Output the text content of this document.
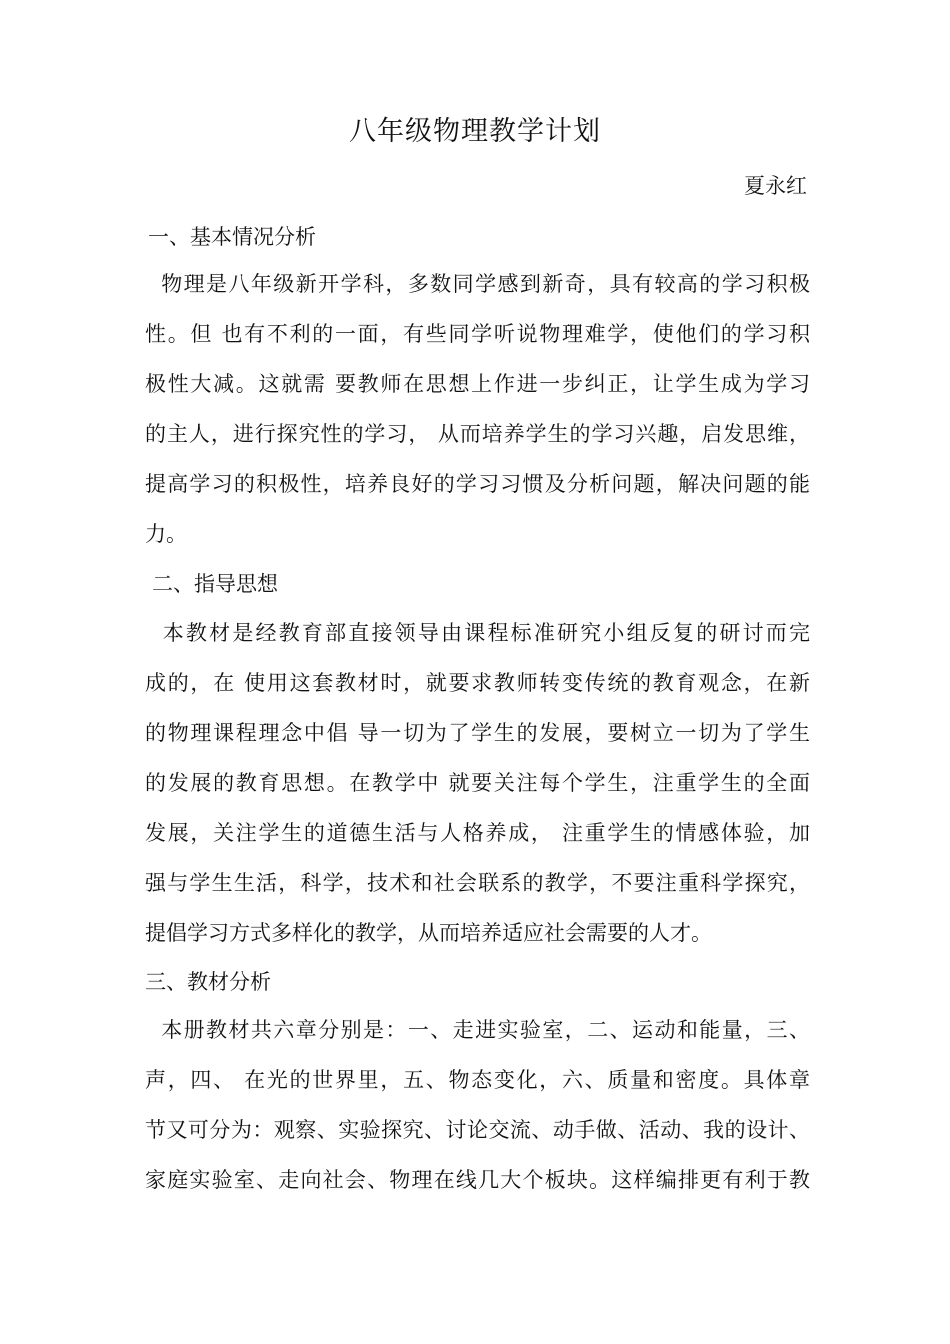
八年级物理教学计划
夏永红
一、基本情况分析
物理是八年级新开学科，多数同学感到新奇，具有较高的学习积极
性。但 也有不利的一面，有些同学听说物理难学，使他们的学习积
极性大减。这就需 要教师在思想上作进一步纠正，让学生成为学习
的主人，进行探究性的学习， 从而培养学生的学习兴趣，启发思维，
提高学习的积极性，培养良好的学习习惯及分析问题，解决问题的能
力。
二、指导思想
本教材是经教育部直接领导由课程标准研究小组反复的研讨而完
成的，在 使用这套教材时，就要求教师转变传统的教育观念，在新
的物理课程理念中倡 导一切为了学生的发展，要树立一切为了学生
的发展的教育思想。在教学中 就要关注每个学生，注重学生的全面
发展，关注学生的道德生活与人格养成， 注重学生的情感体验，加
强与学生生活，科学，技术和社会联系的教学，不要注重科学探究，
提倡学习方式多样化的教学，从而培养适应社会需要的人才。
三、教材分析
本册教材共六章分别是：一、走进实验室，二、运动和能量，三、
声，四、 在光的世界里，五、物态变化，六、质量和密度。具体章
节又可分为：观察、实验探究、讨论交流、动手做、活动、我的设计、
家庭实验室、走向社会、物理在线几大个板块。这样编排更有利于教
